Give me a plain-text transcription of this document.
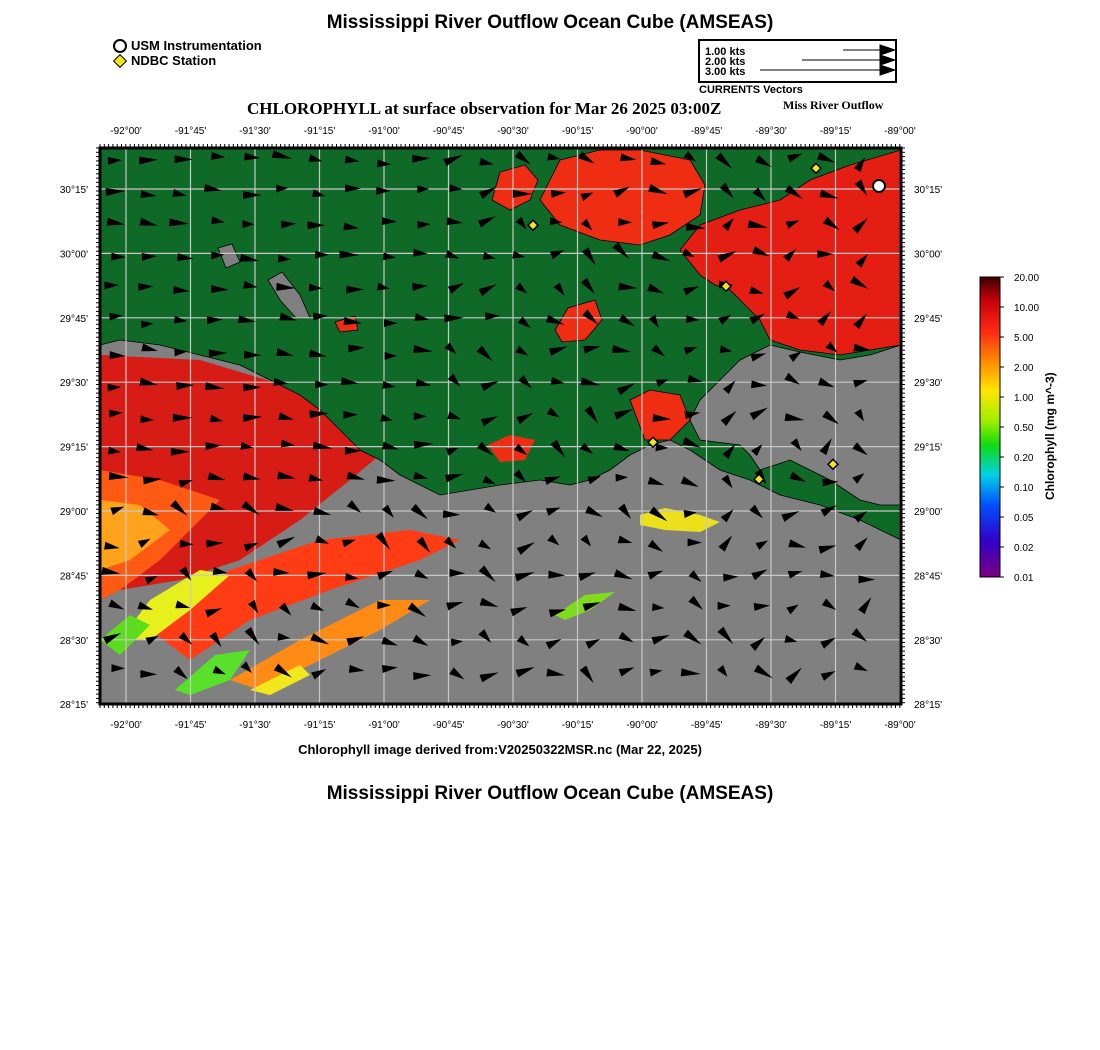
Mississippi River Outflow Ocean Cube (AMSEAS)
USM Instrumentation
NDBC Station
1.00 kts
2.00 kts
3.00 kts
CURRENTS Vectors
CHLOROPHYLL at surface observation for Mar 26 2025 03:00Z	Miss River Outflow
-92°00'
-92°00'
-91°45'
-91°45'
-91°30'
-91°30'
-91°15'
-91°15'
-91°00'
-91°00'
-90°45'
-90°45'
-90°30'
-90°30'
-90°15'
-90°15'
-90°00'
-90°00'
-89°45'
-89°45'
-89°30'
-89°30'
-89°15'
-89°15'
-89°00'
-89°00'
30°15'	30°15'
30°00'	30°00'
29°45'	29°45'
29°30'	29°30'
29°15'	29°15'
29°00'	29°00'
28°45'	28°45'
28°30'	28°30'
28°15'	28°15'
20.00
10.00
5.00
2.00
1.00
0.50
0.20
0.10
0.05
0.02
0.01
Chlorophyll (mg m^-3)
Chlorophyll image derived from:V20250322MSR.nc (Mar 22, 2025)
Mississippi River Outflow Ocean Cube (AMSEAS)
